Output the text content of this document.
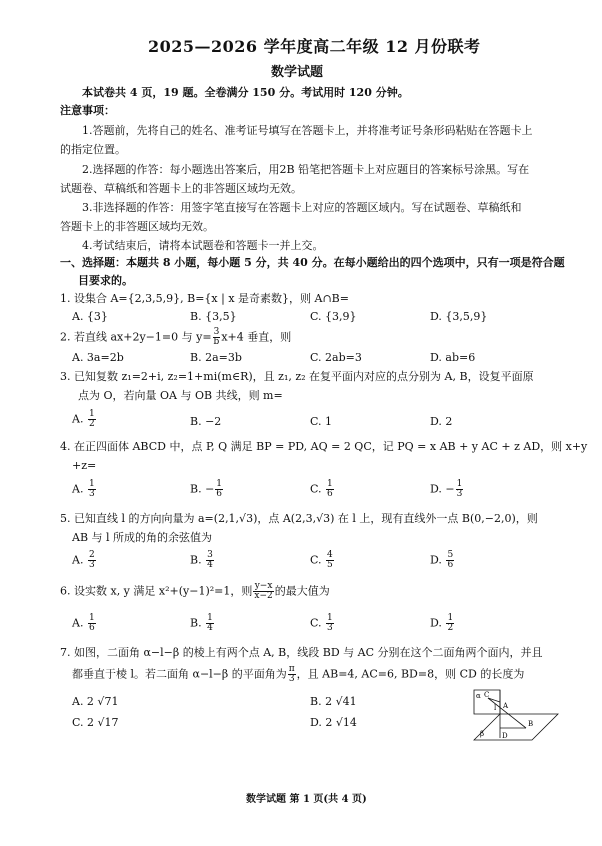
2025—2026 学年度高二年级 12 月份联考
数学试题
本试卷共 4 页，19 题。全卷满分 150 分。考试用时 120 分钟。
注意事项：
1.答题前，先将自己的姓名、准考证号填写在答题卡上，并将准考证号条形码粘贴在答题卡上
的指定位置。
2.选择题的作答：每小题选出答案后，用2B 铅笔把答题卡上对应题目的答案标号涂黑。写在
试题卷、草稿纸和答题卡上的非答题区域均无效。
3.非选择题的作答：用签字笔直接写在答题卡上对应的答题区域内。写在试题卷、草稿纸和
答题卡上的非答题区域均无效。
4.考试结束后，请将本试题卷和答题卡一并上交。
一、选择题：本题共 8 小题，每小题 5 分，共 40 分。在每小题给出的四个选项中，只有一项是符合题
目要求的。
1. 设集合 A={2,3,5,9}, B={x | x 是奇素数}，则 A∩B=
A. {3}	B. {3,5}	C. {3,9}	D. {3,5,9}
2. 若直线 ax+2y−1=0 与 $y= \frac{3}{b} x+4$ 垂直，则
A. 3a=2b	B. 2a=3b	C. 2ab=3	D. ab=6
3. 已知复数 z₁=2+i, z₂=1+mi(m∈R)，且 z₁, z₂ 在复平面内对应的点分别为 A, B，设复平面原
点为 O，若向量 OA 与 OB 共线，则 m=
A. $\frac{1}{2}$	B. −2	C. 1	D. 2
4. 在正四面体 ABCD 中，点 P, Q 满足 BP = PD, AQ = 2 QC，记 PQ = x AB + y AC + z AD，则 x+y
+z=
A. $\frac{1}{3}$	B. − $\frac{1}{6}$	C. $\frac{1}{6}$	D. − $\frac{1}{3}$
5. 已知直线 l 的方向向量为 a=(2,1,√3)，点 A(2,3,√3) 在 l 上，现有直线外一点 B(0,−2,0)，则
AB 与 l 所成的角的余弦值为
A. $\frac{2}{3}$	B. $\frac{3}{4}$	C. $\frac{4}{5}$	D. $\frac{5}{6}$
6. 设实数 x, y 满足 x²+(y−1)²=1，则 $\frac{y-x}{x-2}$ 的最大值为
A. $\frac{1}{6}$	B. $\frac{1}{4}$	C. $\frac{1}{3}$	D. $\frac{1}{2}$
7. 如图，二面角 α−l−β 的棱上有两个点 A, B，线段 BD 与 AC 分别在这个二面角两个面内，并且
都垂直于棱 l。若二面角 α−l−β 的平面角为 $\frac{\pi}{3}$ ，且 AB=4, AC=6, BD=8，则 CD 的长度为
A. 2 √71	B. 2 √41
C. 2 √17	D. 2 √14
α C
l A
B
β	D
数学试题 第 1 页(共 4 页)
